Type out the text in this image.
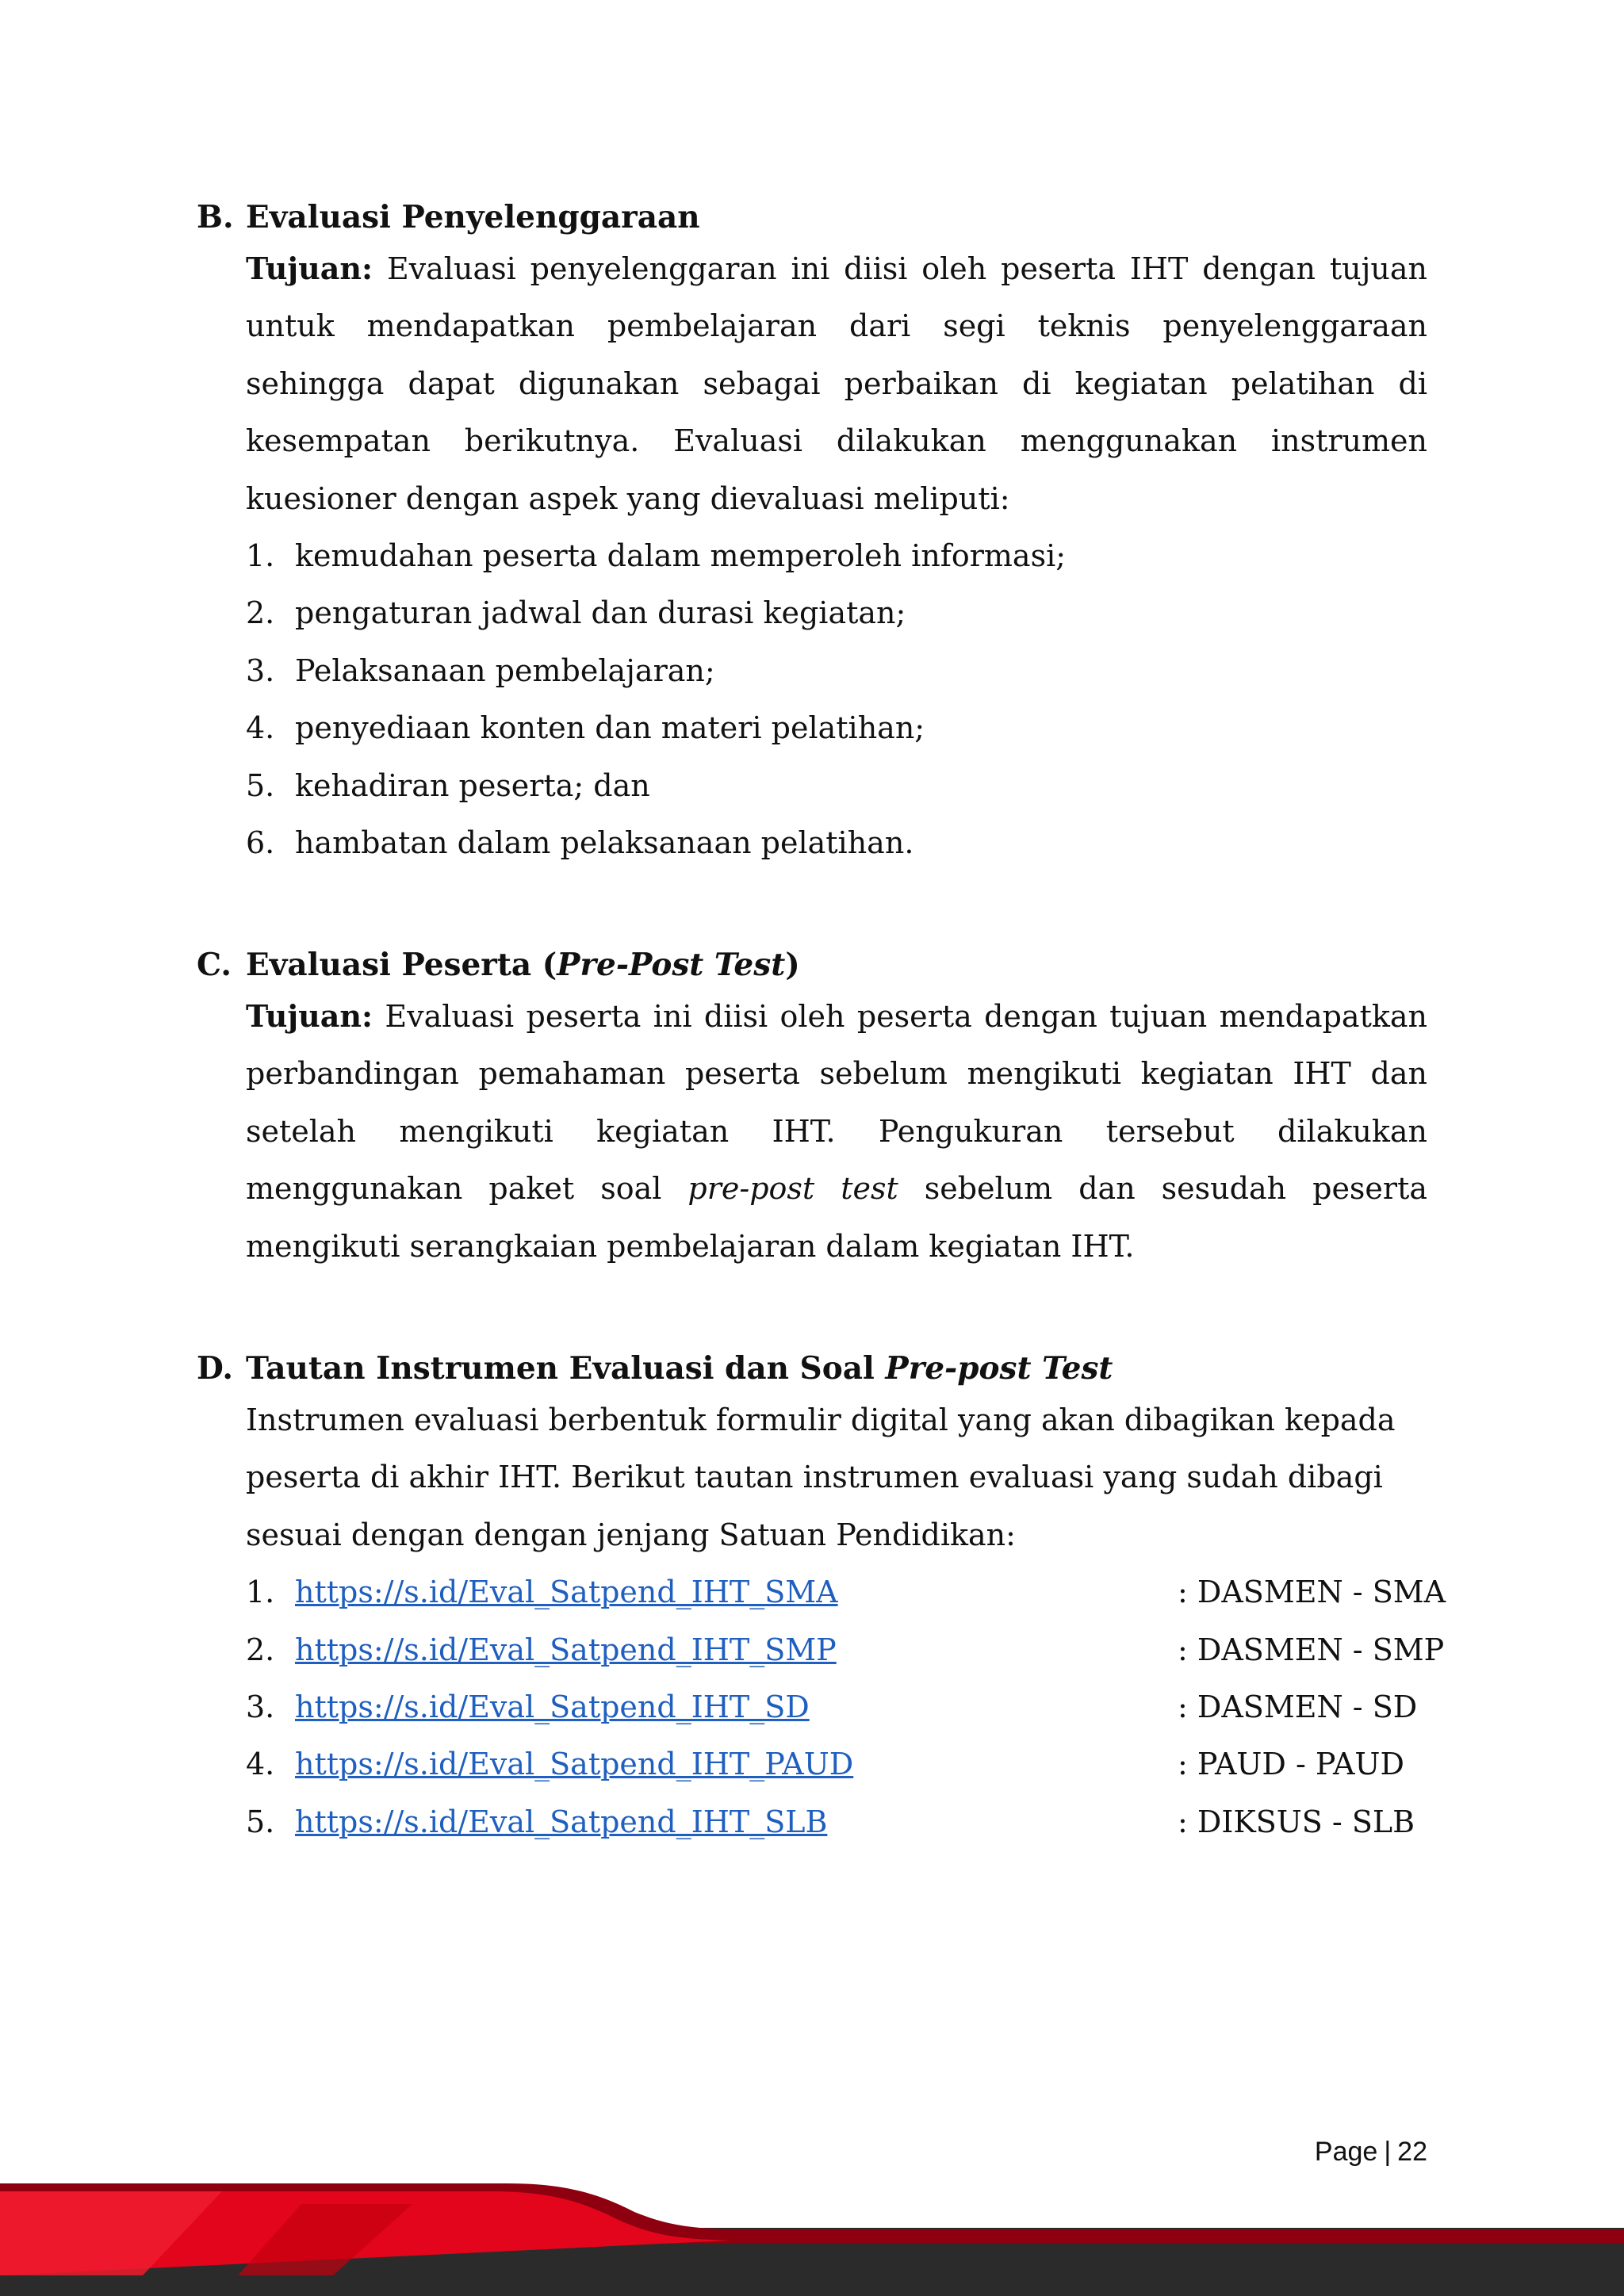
B. Evaluasi Penyelenggaraan
Tujuan: Evaluasi penyelenggaran ini diisi oleh peserta IHT dengan tujuan untuk mendapatkan pembelajaran dari segi teknis penyelenggaraan sehingga dapat digunakan sebagai perbaikan di kegiatan pelatihan di kesempatan berikutnya. Evaluasi dilakukan menggunakan instrumen kuesioner dengan aspek yang dievaluasi meliputi:
1. kemudahan peserta dalam memperoleh informasi;
2. pengaturan jadwal dan durasi kegiatan;
3. Pelaksanaan pembelajaran;
4. penyediaan konten dan materi pelatihan;
5. kehadiran peserta; dan
6. hambatan dalam pelaksanaan pelatihan.
C. Evaluasi Peserta (Pre-Post Test)
Tujuan: Evaluasi peserta ini diisi oleh peserta dengan tujuan mendapatkan perbandingan pemahaman peserta sebelum mengikuti kegiatan IHT dan setelah mengikuti kegiatan IHT. Pengukuran tersebut dilakukan menggunakan paket soal pre-post test sebelum dan sesudah peserta mengikuti serangkaian pembelajaran dalam kegiatan IHT.
D. Tautan Instrumen Evaluasi dan Soal Pre-post Test
Instrumen evaluasi berbentuk formulir digital yang akan dibagikan kepada peserta di akhir IHT. Berikut tautan instrumen evaluasi yang sudah dibagi sesuai dengan dengan jenjang Satuan Pendidikan:
1. https://s.id/Eval_Satpend_IHT_SMA	: DASMEN - SMA
2. https://s.id/Eval_Satpend_IHT_SMP	: DASMEN - SMP
3. https://s.id/Eval_Satpend_IHT_SD	: DASMEN - SD
4. https://s.id/Eval_Satpend_IHT_PAUD	: PAUD - PAUD
5. https://s.id/Eval_Satpend_IHT_SLB	: DIKSUS - SLB
Page | 22
